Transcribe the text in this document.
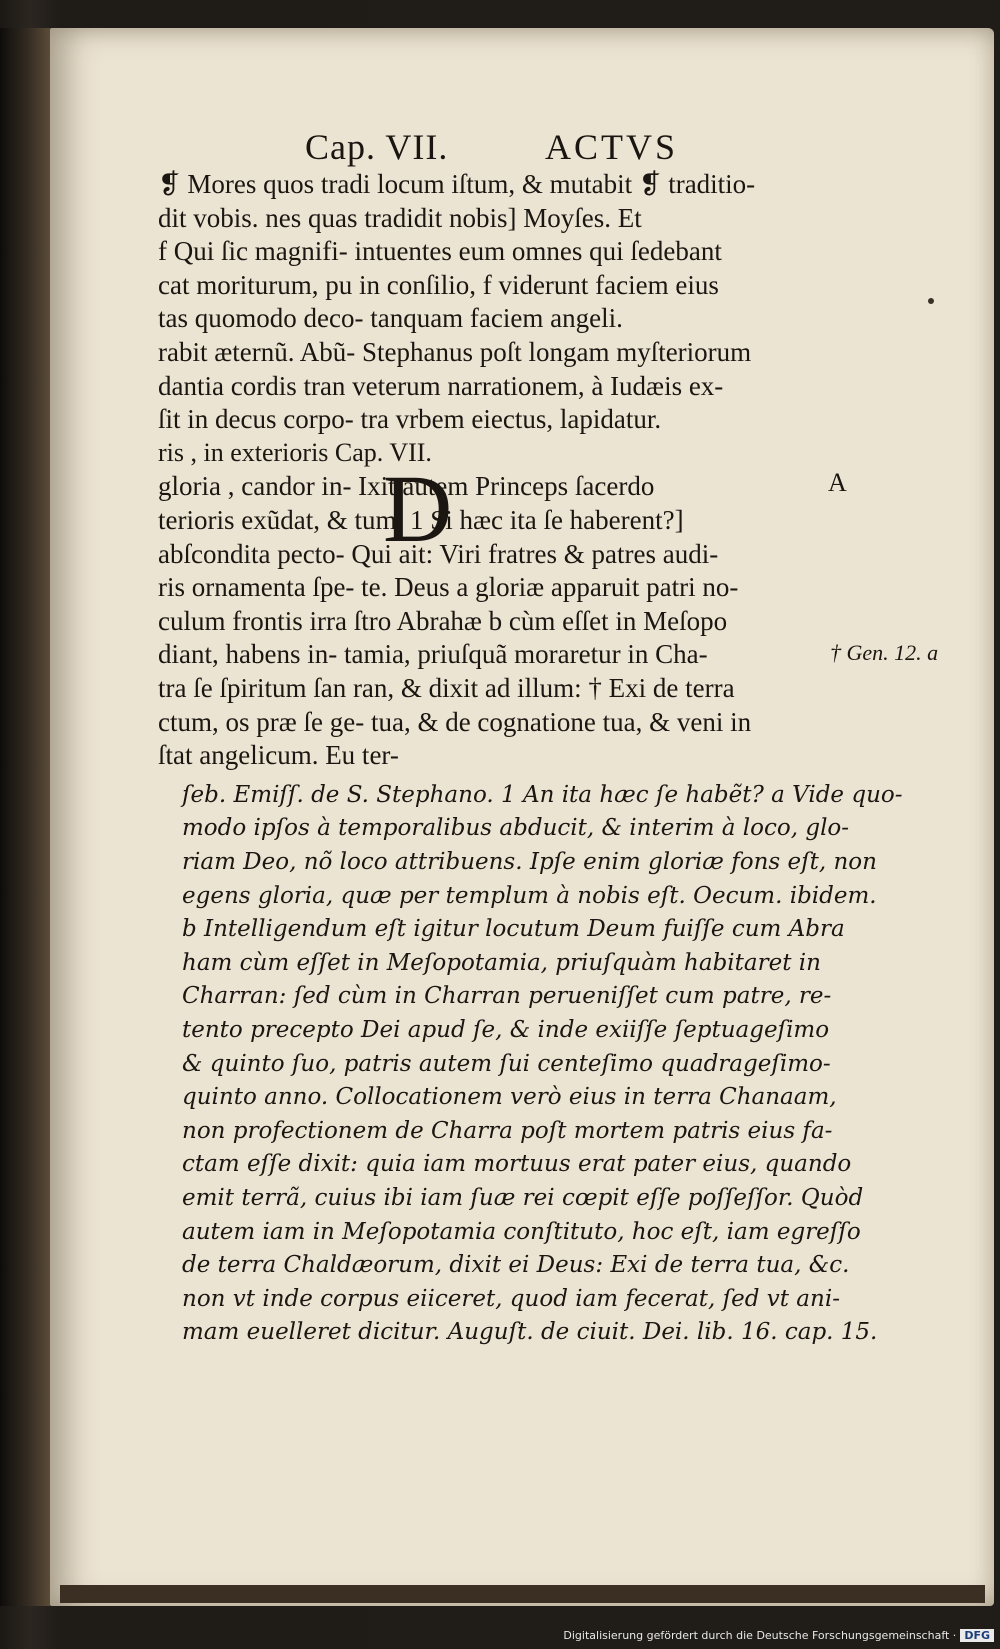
Cap. VII.	ACTVS
D
❡ Mores quos tradi locum iſtum, & mutabit ❡ traditio-
dit vobis. nes quas tradidit nobis] Moyſes. Et
f Qui ſic magnifi- intuentes eum omnes qui ſedebant
cat moriturum, pu in conſilio, f viderunt faciem eius
tas quomodo deco- tanquam faciem angeli.
rabit æternũ. Abũ- Stephanus poſt longam myſteriorum
dantia cordis tran veterum narrationem, à Iudæis ex-
ſit in decus corpo- tra vrbem eiectus, lapidatur.
ris , in exterioris Cap. VII.
gloria , candor in- Ixit autem Princeps ſacerdo
terioris exũdat, & tum. 1 Si hæc ita ſe haberent?]
abſcondita pecto- Qui ait: Viri fratres & patres audi-
ris ornamenta ſpe- te. Deus a gloriæ apparuit patri no-
culum frontis irra ſtro Abrahæ b cùm eſſet in Meſopo
diant, habens in- tamia, priuſquã moraretur in Cha-
tra ſe ſpiritum ſan ran, & dixit ad illum: † Exi de terra
ctum, os præ ſe ge- tua, & de cognatione tua, & veni in
ſtat angelicum. Eu ter-
ſeb. Emiſſ. de S. Stephano. 1 An ita hæc ſe habẽt? a Vide quo-
modo ipſos à temporalibus abducit, & interim à loco, glo-
riam Deo, nõ loco attribuens. Ipſe enim gloriæ fons eſt, non
egens gloria, quæ per templum à nobis eſt. Oecum. ibidem.
b Intelligendum eſt igitur locutum Deum fuiſſe cum Abra
ham cùm eſſet in Meſopotamia, priuſquàm habitaret in
Charran: ſed cùm in Charran perueniſſet cum patre, re-
tento precepto Dei apud ſe, & inde exiiſſe ſeptuageſimo
& quinto ſuo, patris autem ſui centeſimo quadrageſimo-
quinto anno. Collocationem verò eius in terra Chanaam,
non profectionem de Charra poſt mortem patris eius fa-
ctam eſſe dixit: quia iam mortuus erat pater eius, quando
emit terrã, cuius ibi iam ſuæ rei cœpit eſſe poſſeſſor. Quòd
autem iam in Meſopotamia conſtituto, hoc eſt, iam egreſſo
de terra Chaldæorum, dixit ei Deus: Exi de terra tua, &c.
non vt inde corpus eiiceret, quod iam fecerat, ſed vt ani-
mam euelleret dicitur. Auguſt. de ciuit. Dei. lib. 16. cap. 15.
A
† Gen. 12. a
Digitalisierung gefördert durch die Deutsche Forschungsgemeinschaft · DFG
